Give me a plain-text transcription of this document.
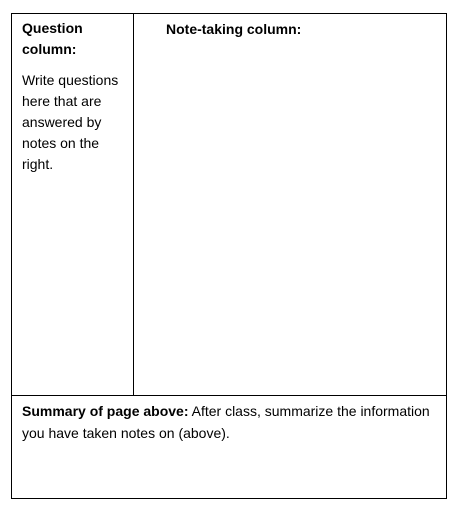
Question column:

Write questions here that are answered by notes on the right.

Note-taking column:

Summary of page above: After class, summarize the information you have taken notes on (above).
